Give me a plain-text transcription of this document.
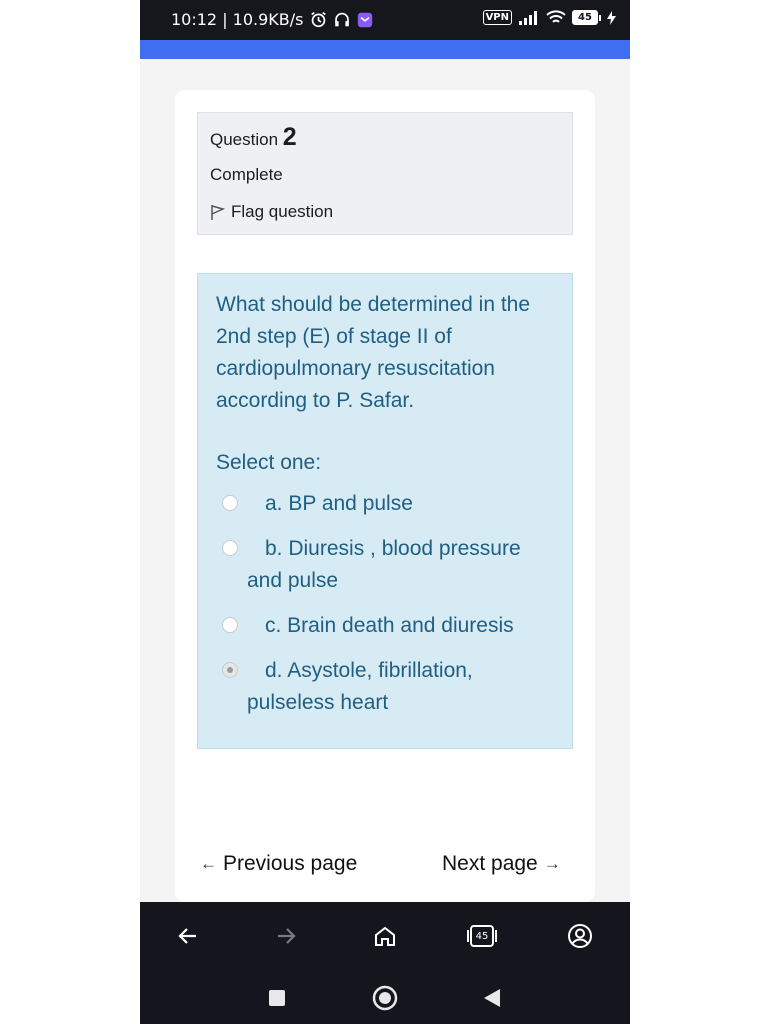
10:12 | 10.9KB/s	VPN	45
Question 2
Complete
Flag question
What should be determined in the 2nd step (E) of stage II of cardiopulmonary resuscitation according to P. Safar.
Select one:
a. BP and pulse
b. Diuresis , blood pressure
and pulse
c. Brain death and diuresis
d. Asystole, fibrillation,
pulseless heart
← Previous page	Next page →
45
